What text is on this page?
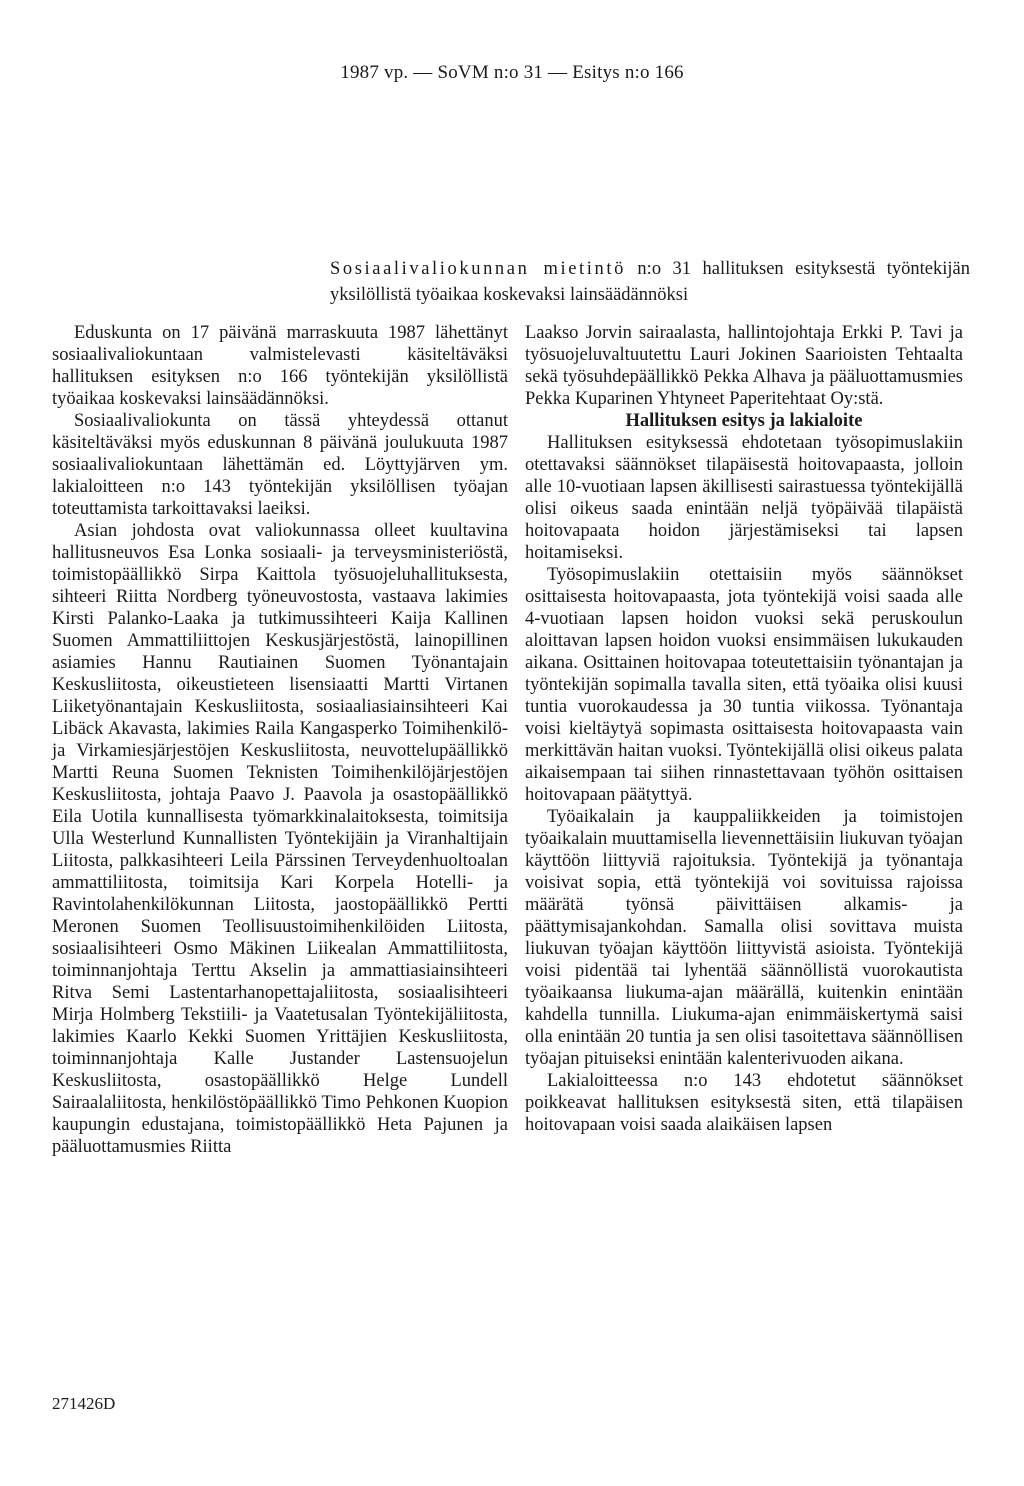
1987 vp. — SoVM n:o 31 — Esitys n:o 166
Sosiaalivaliokunnan mietintö n:o 31 hallituksen esityksestä työntekijän yksilöllistä työaikaa koskevaksi lainsäädännöksi

Eduskunta on 17 päivänä marraskuuta 1987 lähettänyt sosiaalivaliokuntaan valmistelevasti käsiteltäväksi hallituksen esityksen n:o 166 työntekijän yksilöllistä työaikaa koskevaksi lainsäädännöksi.

Sosiaalivaliokunta on tässä yhteydessä ottanut käsiteltäväksi myös eduskunnan 8 päivänä joulukuuta 1987 sosiaalivaliokuntaan lähettämän ed. Löyttyjärven ym. lakialoitteen n:o 143 työntekijän yksilöllisen työajan toteuttamista tarkoittavaksi laeiksi.

Asian johdosta ovat valiokunnassa olleet kuultavina hallitusneuvos Esa Lonka sosiaali- ja terveysministeriöstä, toimistopäällikkö Sirpa Kaittola työsuojeluhallituksesta, sihteeri Riitta Nordberg työneuvostosta, vastaava lakimies Kirsti Palanko-Laaka ja tutkimussihteeri Kaija Kallinen Suomen Ammattiliittojen Keskusjärjestöstä, lainopillinen asiamies Hannu Rautiainen Suomen Työnantajain Keskusliitosta, oikeustieteen lisensiaatti Martti Virtanen Liiketyönantajain Keskusliitosta, sosiaaliasiainsihteeri Kai Libäck Akavasta, lakimies Raila Kangasperko Toimihenkilö- ja Virkamiesjärjestöjen Keskusliitosta, neuvottelupäällikkö Martti Reuna Suomen Teknisten Toimihenkilöjärjestöjen Keskusliitosta, johtaja Paavo J. Paavola ja osastopäällikkö Eila Uotila kunnallisesta työmarkkinalaitoksesta, toimitsija Ulla Westerlund Kunnallisten Työntekijäin ja Viranhaltijain Liitosta, palkkasihteeri Leila Pärssinen Terveydenhuoltoalan ammattiliitosta, toimitsija Kari Korpela Hotelli- ja Ravintolahenkilökunnan Liitosta, jaostopäällikkö Pertti Meronen Suomen Teollisuustoimihenkilöiden Liitosta, sosiaalisihteeri Osmo Mäkinen Liikealan Ammattiliitosta, toiminnanjohtaja Terttu Akselin ja ammattiasiainsihteeri Ritva Semi Lastentarhanopettajaliitosta, sosiaalisihteeri Mirja Holmberg Tekstiili- ja Vaatetusalan Työntekijäliitosta, lakimies Kaarlo Kekki Suomen Yrittäjien Keskusliitosta, toiminnanjohtaja Kalle Justander Lastensuojelun Keskusliitosta, osastopäällikkö Helge Lundell Sairaalaliitosta, henkilöstöpäällikkö Timo Pehkonen Kuopion kaupungin edustajana, toimistopäällikkö Heta Pajunen ja pääluottamusmies Riitta

Laakso Jorvin sairaalasta, hallintojohtaja Erkki P. Tavi ja työsuojeluvaltuutettu Lauri Jokinen Saarioisten Tehtaalta sekä työsuhdepäällikkö Pekka Alhava ja pääluottamusmies Pekka Kuparinen Yhtyneet Paperitehtaat Oy:stä.

Hallituksen esitys ja lakialoite

Hallituksen esityksessä ehdotetaan työsopimuslakiin otettavaksi säännökset tilapäisestä hoitovapaasta, jolloin alle 10-vuotiaan lapsen äkillisesti sairastuessa työntekijällä olisi oikeus saada enintään neljä työpäivää tilapäistä hoitovapaata hoidon järjestämiseksi tai lapsen hoitamiseksi.

Työsopimuslakiin otettaisiin myös säännökset osittaisesta hoitovapaasta, jota työntekijä voisi saada alle 4-vuotiaan lapsen hoidon vuoksi sekä peruskoulun aloittavan lapsen hoidon vuoksi ensimmäisen lukukauden aikana. Osittainen hoitovapaa toteutettaisiin työnantajan ja työntekijän sopimalla tavalla siten, että työaika olisi kuusi tuntia vuorokaudessa ja 30 tuntia viikossa. Työnantaja voisi kieltäytyä sopimasta osittaisesta hoitovapaasta vain merkittävän haitan vuoksi. Työntekijällä olisi oikeus palata aikaisempaan tai siihen rinnastettavaan työhön osittaisen hoitovapaan päätyttyä.

Työaikalain ja kauppaliikkeiden ja toimistojen työaikalain muuttamisella lievennettäisiin liukuvan työajan käyttöön liittyviä rajoituksia. Työntekijä ja työnantaja voisivat sopia, että työntekijä voi sovituissa rajoissa määrätä työnsä päivittäisen alkamis- ja päättymisajankohdan. Samalla olisi sovittava muista liukuvan työajan käyttöön liittyvistä asioista. Työntekijä voisi pidentää tai lyhentää säännöllistä vuorokautista työaikaansa liukuma-ajan määrällä, kuitenkin enintään kahdella tunnilla. Liukuma-ajan enimmäiskertymä saisi olla enintään 20 tuntia ja sen olisi tasoitettava säännöllisen työajan pituiseksi enintään kalenterivuoden aikana.

Lakialoitteessa n:o 143 ehdotetut säännökset poikkeavat hallituksen esityksestä siten, että tilapäisen hoitovapaan voisi saada alaikäisen lapsen

271426D
